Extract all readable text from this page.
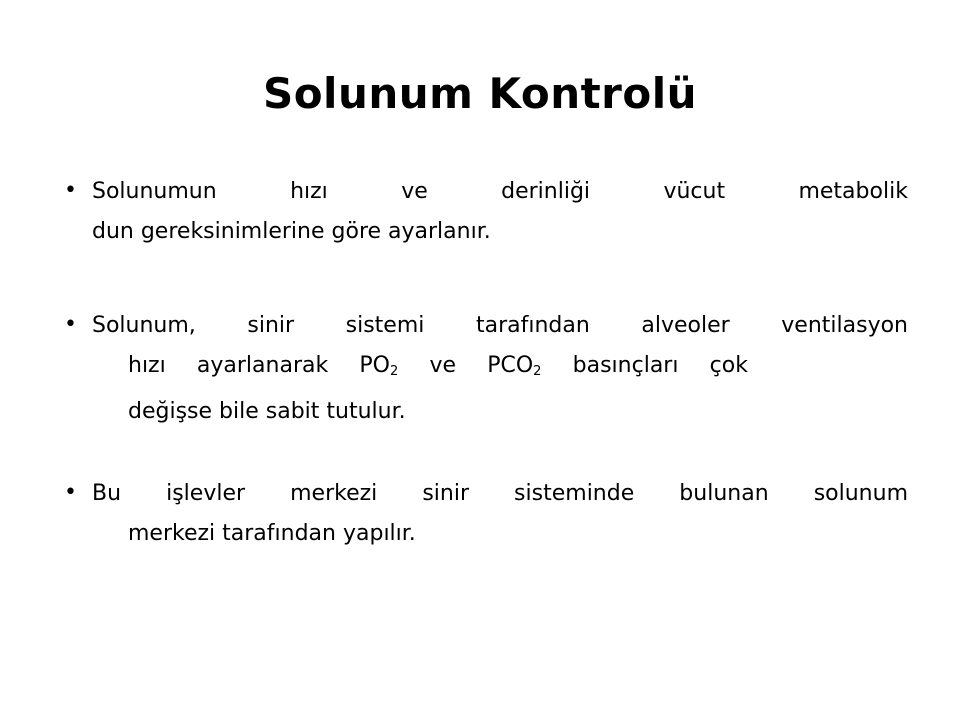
Solunum Kontrolü
• Solunumun	hızı	ve	derinliği	vücut	metabolik
dun gereksinimlerine göre ayarlanır.
• Solunum, sinir sistemi tarafından alveoler ventilasyon
hızı ayarlanarak $PO_2$ ve $PCO_2$ basınçları çok
değişse bile sabit tutulur.
• Bu işlevler merkezi sinir sisteminde bulunan solunum
merkezi tarafından yapılır.
